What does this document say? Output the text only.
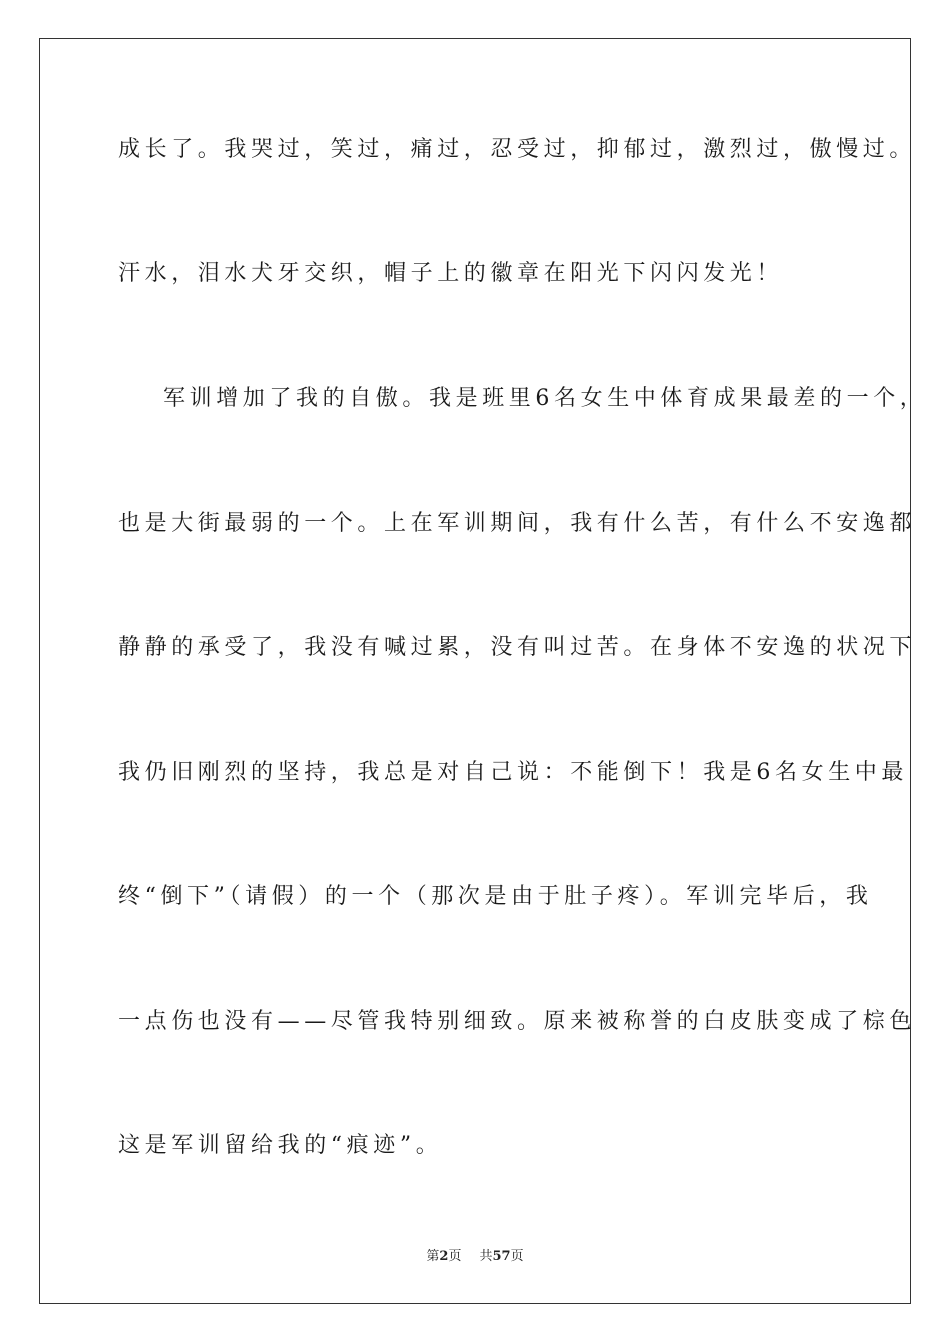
成长了。我哭过，笑过，痛过，忍受过，抑郁过，激烈过，傲慢过。

汗水，泪水犬牙交织，帽子上的徽章在阳光下闪闪发光！

军训增加了我的自傲。我是班里6名女生中体育成果最差的一个，

也是大街最弱的一个。上在军训期间，我有什么苦，有什么不安逸都

静静的承受了，我没有喊过累，没有叫过苦。在身体不安逸的状况下

我仍旧刚烈的坚持，我总是对自己说：不能倒下！我是6名女生中最

终“倒下”（请假）的一个（那次是由于肚子疼）。军训完毕后，我

一点伤也没有——尽管我特别细致。原来被称誉的白皮肤变成了棕色

这是军训留给我的“痕迹”。

第2页 共57页
